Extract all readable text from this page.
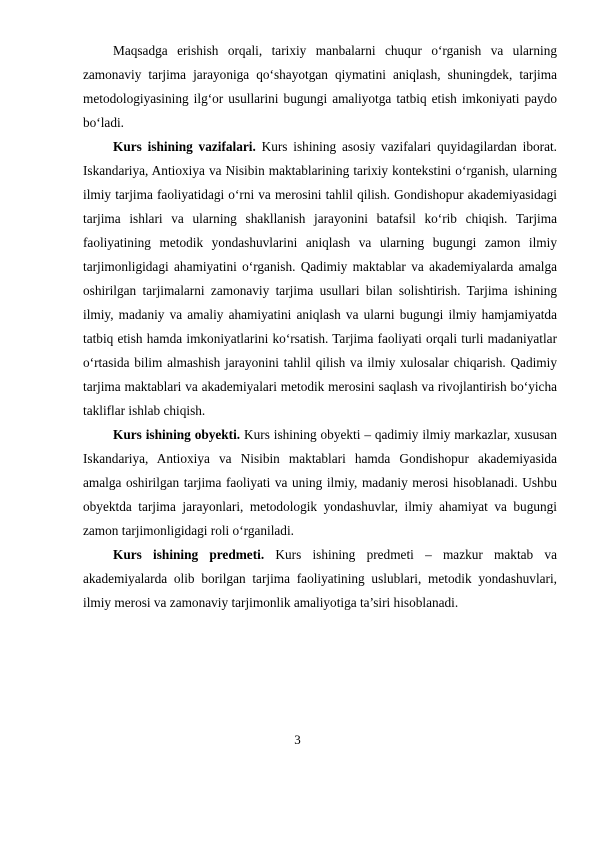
Maqsadga erishish orqali, tarixiy manbalarni chuqur o‘rganish va ularning zamonaviy tarjima jarayoniga qo‘shayotgan qiymatini aniqlash, shuningdek, tarjima metodologiyasining ilg‘or usullarini bugungi amaliyotga tatbiq etish imkoniyati paydo bo‘ladi.

Kurs ishining vazifalari. Kurs ishining asosiy vazifalari quyidagilardan iborat. Iskandariya, Antioxiya va Nisibin maktablarining tarixiy kontekstini o‘rganish, ularning ilmiy tarjima faoliyatidagi o‘rni va merosini tahlil qilish. Gondishopur akademiyasidagi tarjima ishlari va ularning shakllanish jarayonini batafsil ko‘rib chiqish. Tarjima faoliyatining metodik yondashuvlarini aniqlash va ularning bugungi zamon ilmiy tarjimonligidagi ahamiyatini o‘rganish. Qadimiy maktablar va akademiyalarda amalga oshirilgan tarjimalarni zamonaviy tarjima usullari bilan solishtirish. Tarjima ishining ilmiy, madaniy va amaliy ahamiyatini aniqlash va ularni bugungi ilmiy hamjamiyatda tatbiq etish hamda imkoniyatlarini ko‘rsatish. Tarjima faoliyati orqali turli madaniyatlar o‘rtasida bilim almashish jarayonini tahlil qilish va ilmiy xulosalar chiqarish. Qadimiy tarjima maktablari va akademiyalari metodik merosini saqlash va rivojlantirish bo‘yicha takliflar ishlab chiqish.

Kurs ishining obyekti. Kurs ishining obyekti – qadimiy ilmiy markazlar, xususan Iskandariya, Antioxiya va Nisibin maktablari hamda Gondishopur akademiyasida amalga oshirilgan tarjima faoliyati va uning ilmiy, madaniy merosi hisoblanadi. Ushbu obyektda tarjima jarayonlari, metodologik yondashuvlar, ilmiy ahamiyat va bugungi zamon tarjimonligidagi roli o‘rganiladi.

Kurs ishining predmeti. Kurs ishining predmeti – mazkur maktab va akademiyalarda olib borilgan tarjima faoliyatining uslublari, metodik yondashuvlari, ilmiy merosi va zamonaviy tarjimonlik amaliyotiga ta’siri hisoblanadi.

3
